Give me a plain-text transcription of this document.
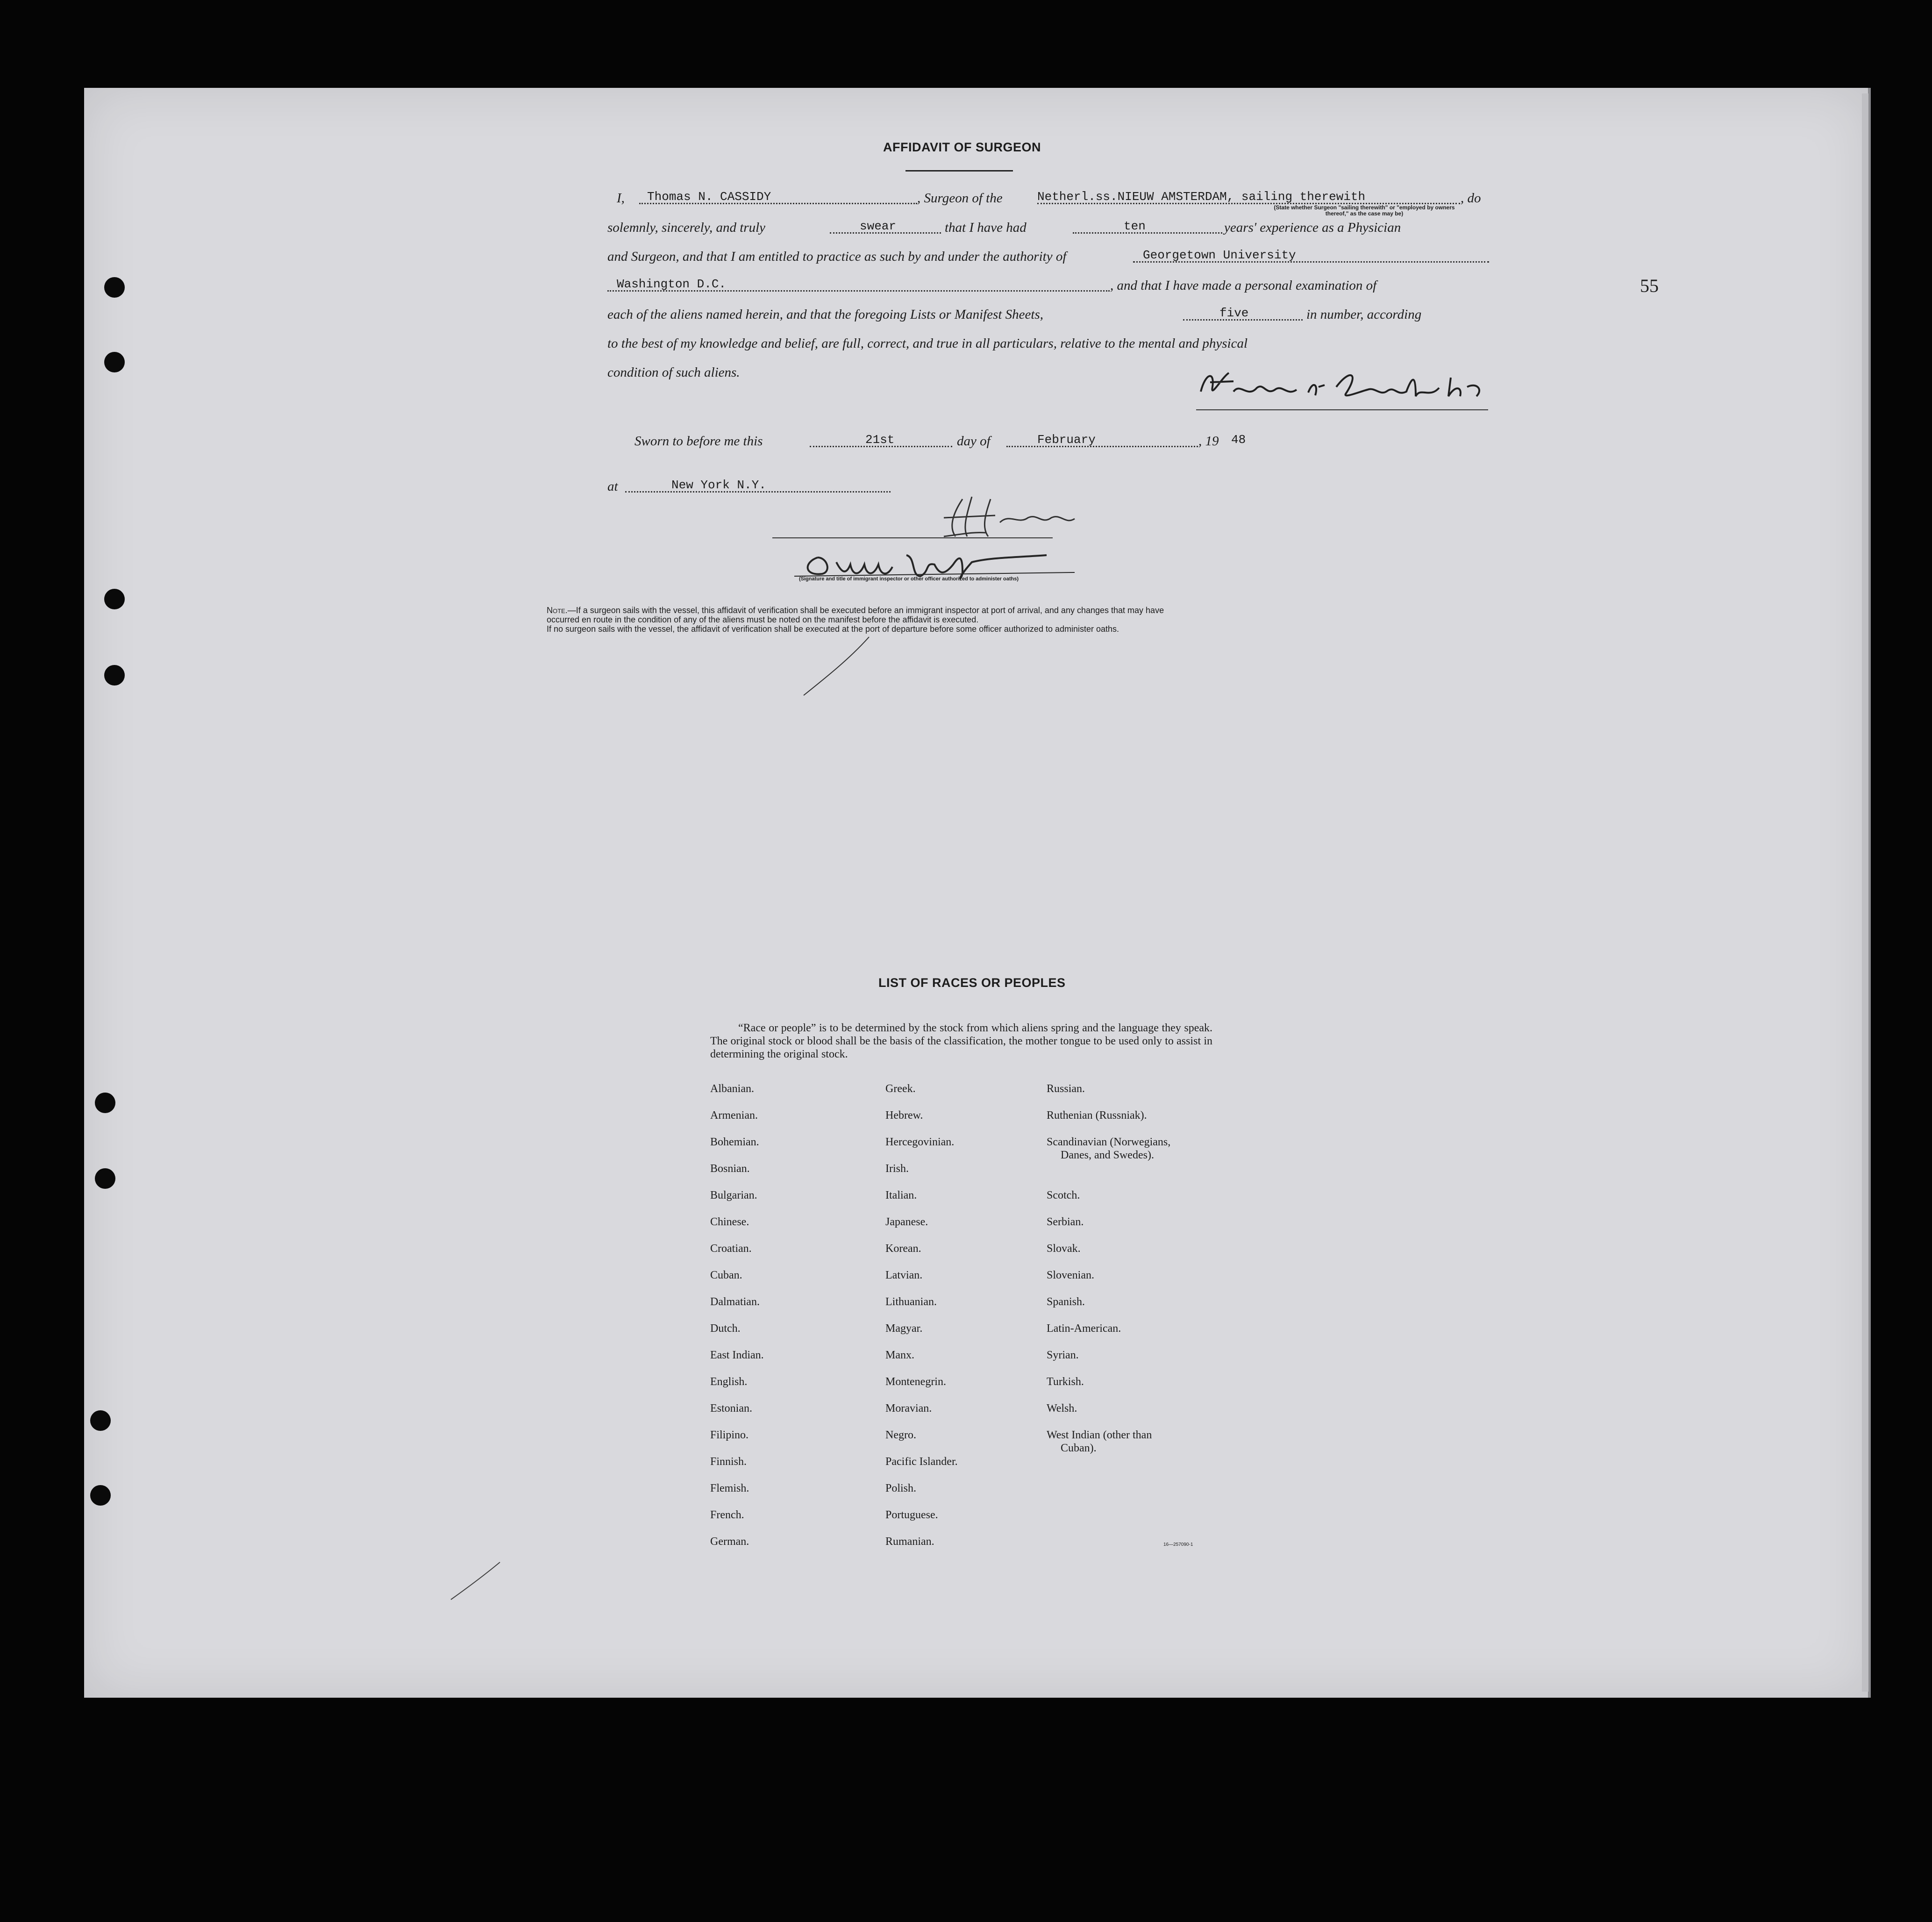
55
AFFIDAVIT OF SURGEON
I, Thomas N. CASSIDY	, Surgeon of the	Netherl.ss.NIEUW AMSTERDAM, sailing therewith	, do
(State whether Surgeon "sailing therewith" or "employed by owners thereof," as the case may be)
solemnly, sincerely, and truly	swear	that I have had	ten	years' experience as a Physician
and Surgeon, and that I am entitled to practice as such by and under the authority of	Georgetown University
Washington D.C.	, and that I have made a personal examination of
each of the aliens named herein, and that the foregoing Lists or Manifest Sheets,	five	in number, according
to the best of my knowledge and belief, are full, correct, and true in all particulars, relative to the mental and physical
condition of such aliens.
Sworn to before me this	21st	day of	February	, 19 48
at	New York N.Y.
(Signature and title of immigrant inspector or other officer authorized to administer oaths)
Note.—If a surgeon sails with the vessel, this affidavit of verification shall be executed before an immigrant inspector at port of arrival, and any changes that may have
occurred en route in the condition of any of the aliens must be noted on the manifest before the affidavit is executed.
If no surgeon sails with the vessel, the affidavit of verification shall be executed at the port of departure before some officer authorized to administer oaths.
LIST OF RACES OR PEOPLES
“Race or people” is to be determined by the stock from which aliens spring and the language they speak. The original stock or blood shall be the basis of the classification, the mother tongue to be used only to assist in determining the original stock.
Albanian.
Armenian.
Bohemian.
Bosnian.
Bulgarian.
Chinese.
Croatian.
Cuban.
Dalmatian.
Dutch.
East Indian.
English.
Estonian.
Filipino.
Finnish.
Flemish.
French.
German.
Greek.
Hebrew.
Hercegovinian.
Irish.
Italian.
Japanese.
Korean.
Latvian.
Lithuanian.
Magyar.
Manx.
Montenegrin.
Moravian.
Negro.
Pacific Islander.
Polish.
Portuguese.
Rumanian.
Russian.
Ruthenian (Russniak).
Scandinavian (Norwegians,
Danes, and Swedes).
Scotch.
Serbian.
Slovak.
Slovenian.
Spanish.
Latin-American.
Syrian.
Turkish.
Welsh.
West Indian (other than
Cuban).
16—257090-1
